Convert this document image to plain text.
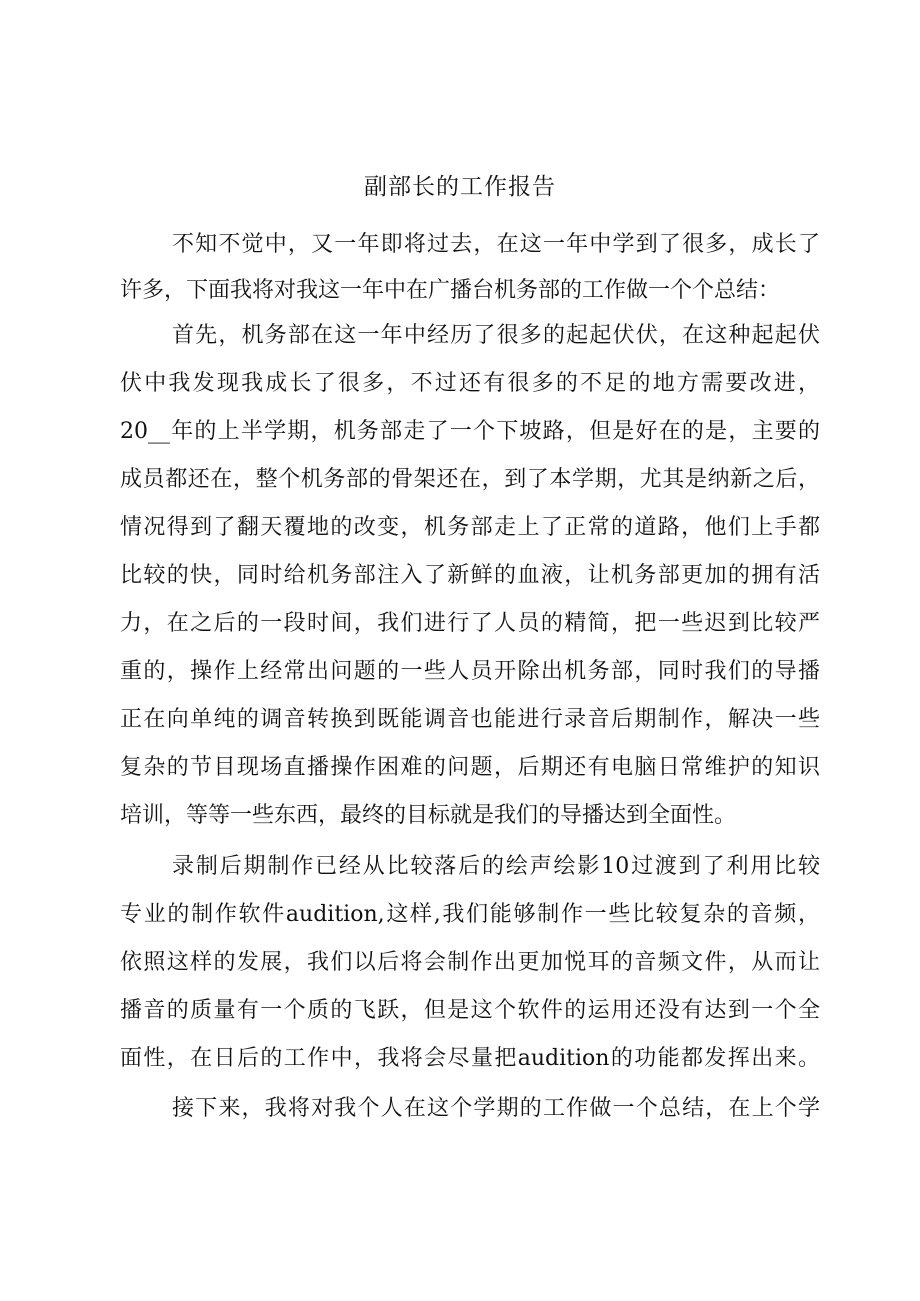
副部长的工作报告
不知不觉中，又一年即将过去，在这一年中学到了很多，成长了
许多，下面我将对我这一年中在广播台机务部的工作做一个个总结：
首先，机务部在这一年中经历了很多的起起伏伏，在这种起起伏
伏中我发现我成长了很多，不过还有很多的不足的地方需要改进，
20__年的上半学期，机务部走了一个下坡路，但是好在的是，主要的
成员都还在，整个机务部的骨架还在，到了本学期，尤其是纳新之后，
情况得到了翻天覆地的改变，机务部走上了正常的道路，他们上手都
比较的快，同时给机务部注入了新鲜的血液，让机务部更加的拥有活
力，在之后的一段时间，我们进行了人员的精简，把一些迟到比较严
重的，操作上经常出问题的一些人员开除出机务部，同时我们的导播
正在向单纯的调音转换到既能调音也能进行录音后期制作，解决一些
复杂的节目现场直播操作困难的问题，后期还有电脑日常维护的知识
培训，等等一些东西，最终的目标就是我们的导播达到全面性。
录制后期制作已经从比较落后的绘声绘影10过渡到了利用比较
专业的制作软件audition,这样,我们能够制作一些比较复杂的音频，
依照这样的发展，我们以后将会制作出更加悦耳的音频文件，从而让
播音的质量有一个质的飞跃，但是这个软件的运用还没有达到一个全
面性，在日后的工作中，我将会尽量把audition的功能都发挥出来。
接下来，我将对我个人在这个学期的工作做一个总结，在上个学
